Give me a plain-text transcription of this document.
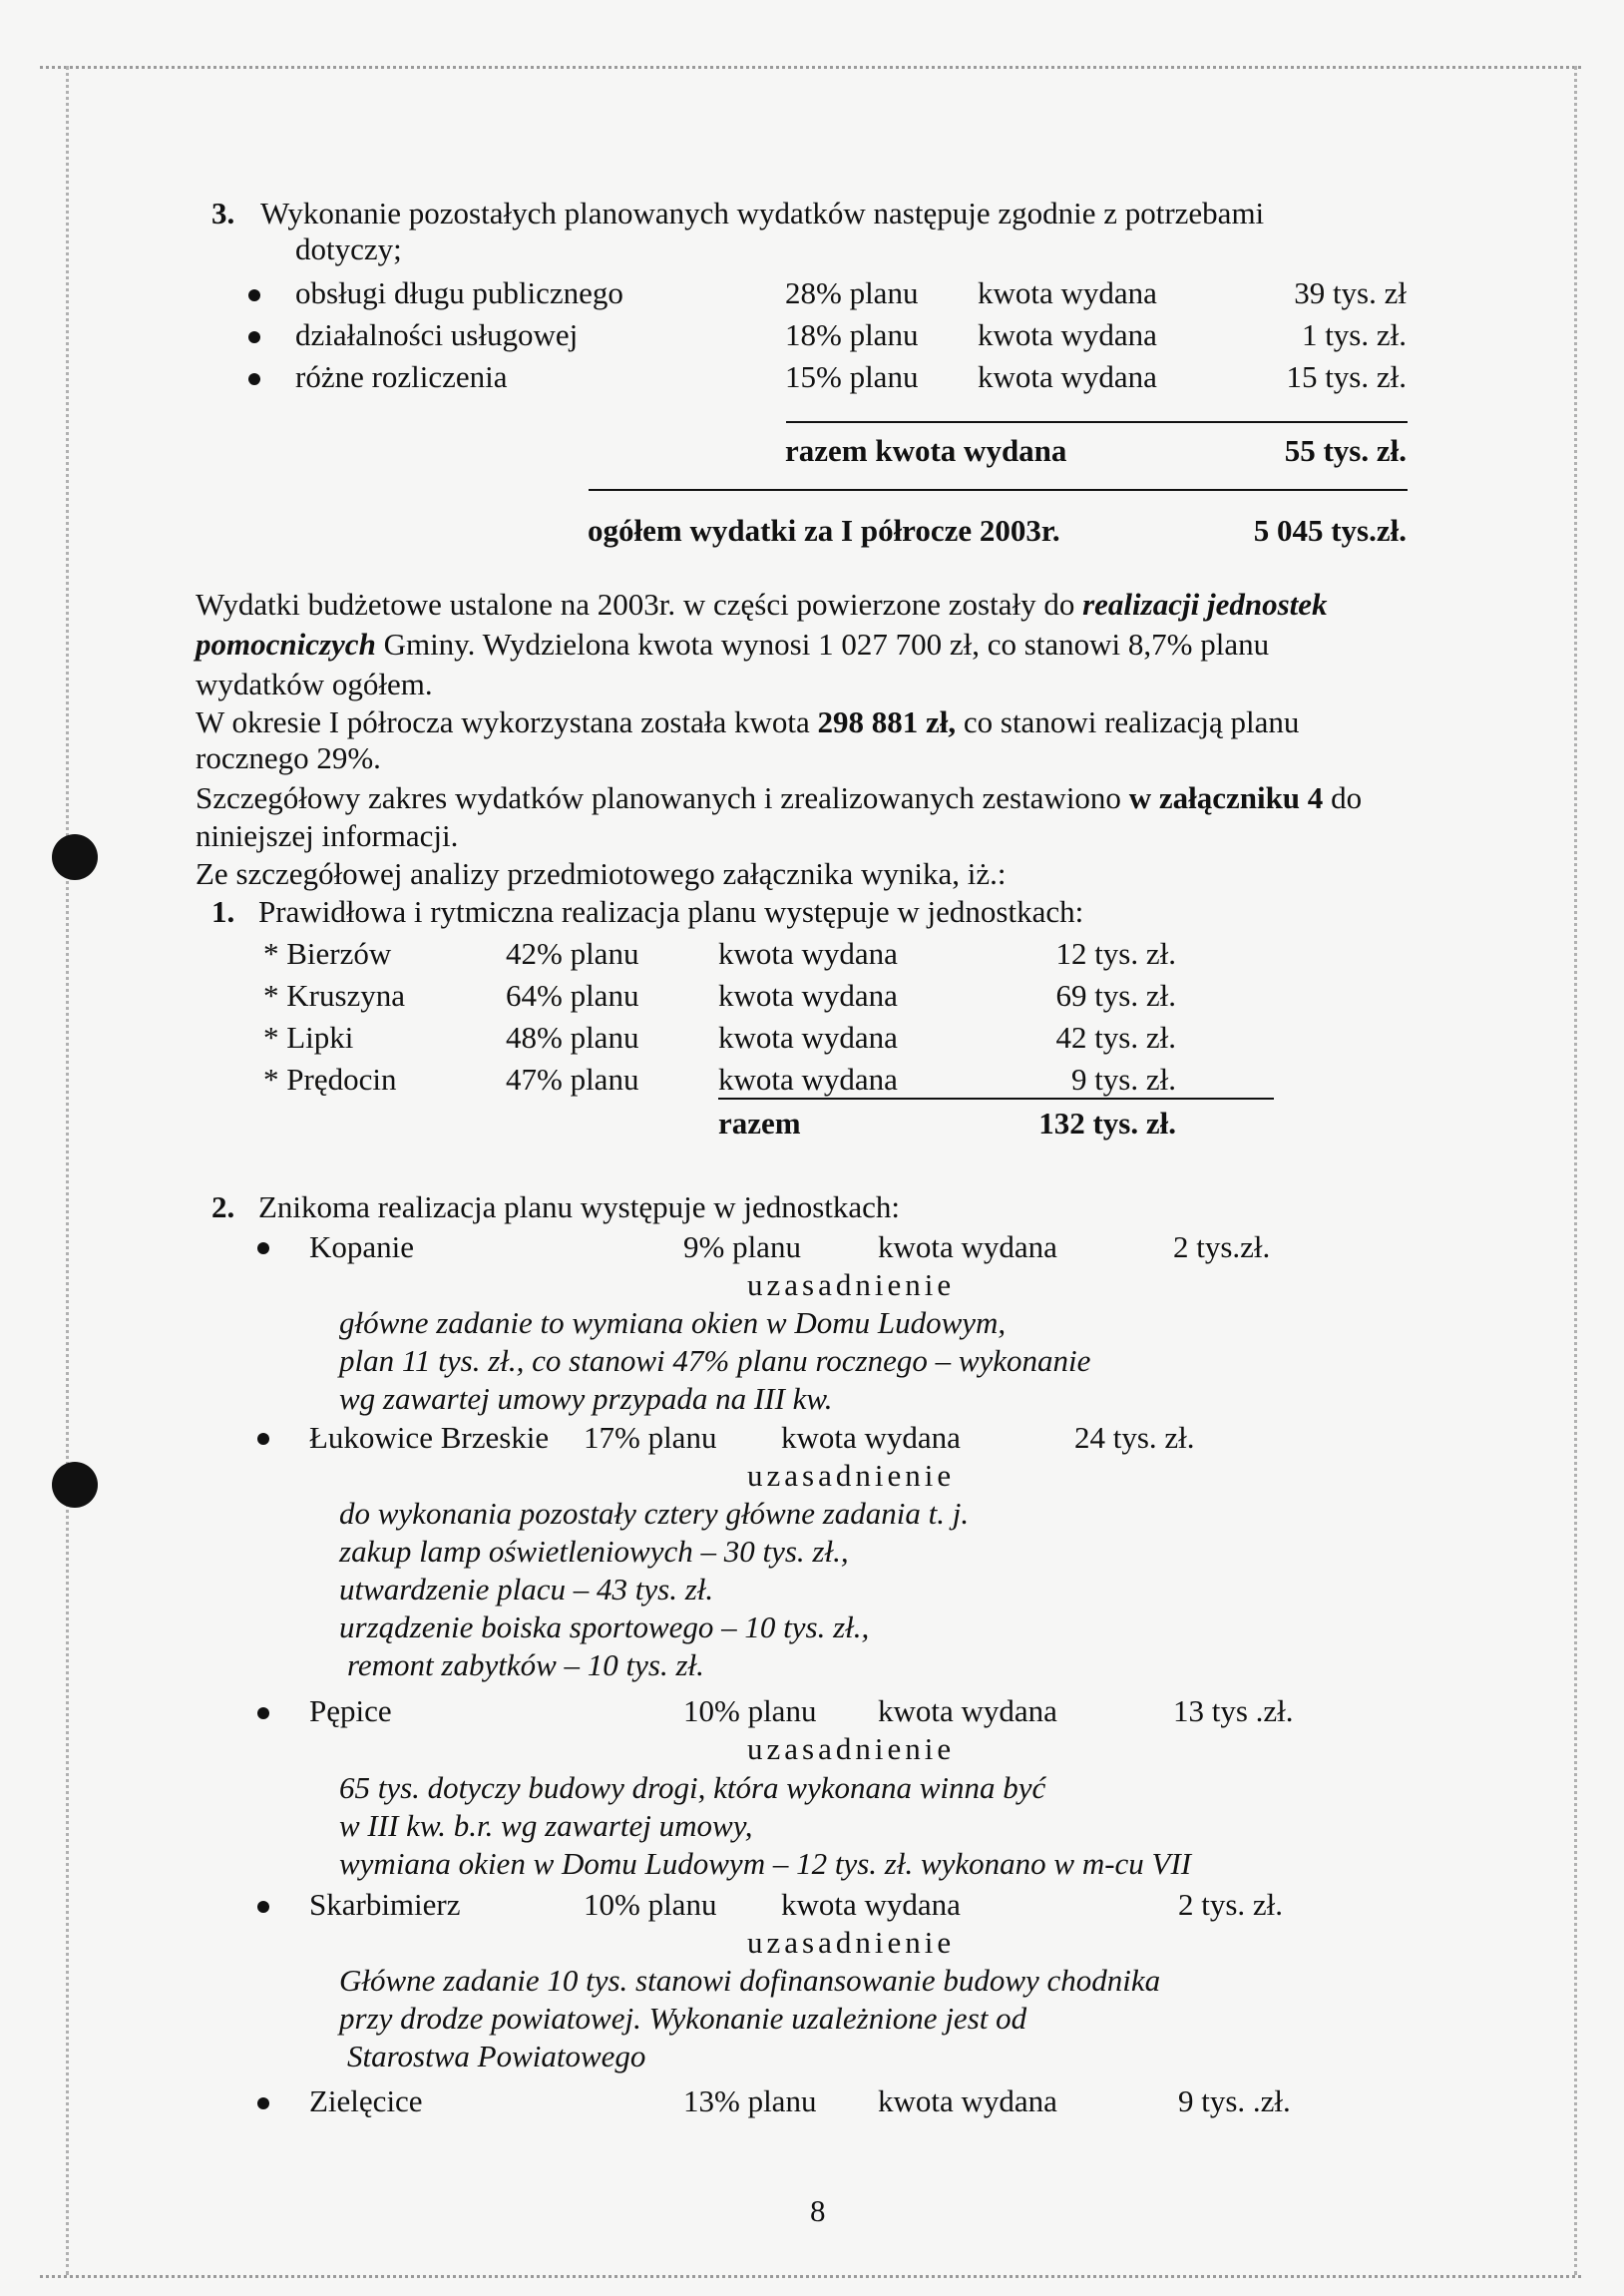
3. Wykonanie pozostałych planowanych wydatków następuje zgodnie z potrzebami
dotyczy;
obsługi długu publicznego	28% planu kwota wydana	39 tys. zł
działalności usługowej	18% planu kwota wydana	1 tys. zł.
różne rozliczenia	15% planu kwota wydana	15 tys. zł.
razem kwota wydana	55 tys. zł.
ogółem wydatki za I półrocze 2003r.	5 045 tys.zł.
Wydatki budżetowe ustalone na 2003r. w części powierzone zostały do realizacji jednostek
pomocniczych Gminy. Wydzielona kwota wynosi 1 027 700 zł, co stanowi 8,7% planu
wydatków ogółem.
W okresie I półrocza wykorzystana została kwota 298 881 zł, co stanowi realizacją planu
rocznego 29%.
Szczegółowy zakres wydatków planowanych i zrealizowanych zestawiono w załączniku 4 do
niniejszej informacji.
Ze szczegółowej analizy przedmiotowego załącznika wynika, iż.:
1. Prawidłowa i rytmiczna realizacja planu występuje w jednostkach:
* Bierzów	42% planu	kwota wydana	12 tys. zł.
* Kruszyna	64% planu	kwota wydana	69 tys. zł.
* Lipki	48% planu	kwota wydana	42 tys. zł.
* Prędocin	47% planu	kwota wydana	9 tys. zł.
razem	132 tys. zł.
2. Znikoma realizacja planu występuje w jednostkach:
Kopanie	9% planu kwota wydana	2 tys.zł.
uzasadnienie
główne zadanie to wymiana okien w Domu Ludowym,
plan 11 tys. zł., co stanowi 47% planu rocznego – wykonanie
wg zawartej umowy przypada na III kw.
Łukowice Brzeskie 17% planu kwota wydana	24 tys. zł.
uzasadnienie
do wykonania pozostały cztery główne zadania t. j.
zakup lamp oświetleniowych – 30 tys. zł.,
utwardzenie placu – 43 tys. zł.
urządzenie boiska sportowego – 10 tys. zł.,
remont zabytków – 10 tys. zł.
Pępice	10% planu kwota wydana	13 tys .zł.
uzasadnienie
65 tys. dotyczy budowy drogi, która wykonana winna być
w III kw. b.r. wg zawartej umowy,
wymiana okien w Domu Ludowym – 12 tys. zł. wykonano w m-cu VII
Skarbimierz	10% planu kwota wydana	2 tys. zł.
uzasadnienie
Główne zadanie 10 tys. stanowi dofinansowanie budowy chodnika
przy drodze powiatowej. Wykonanie uzależnione jest od
Starostwa Powiatowego
Zielęcice	13% planu kwota wydana	9 tys. .zł.
8
